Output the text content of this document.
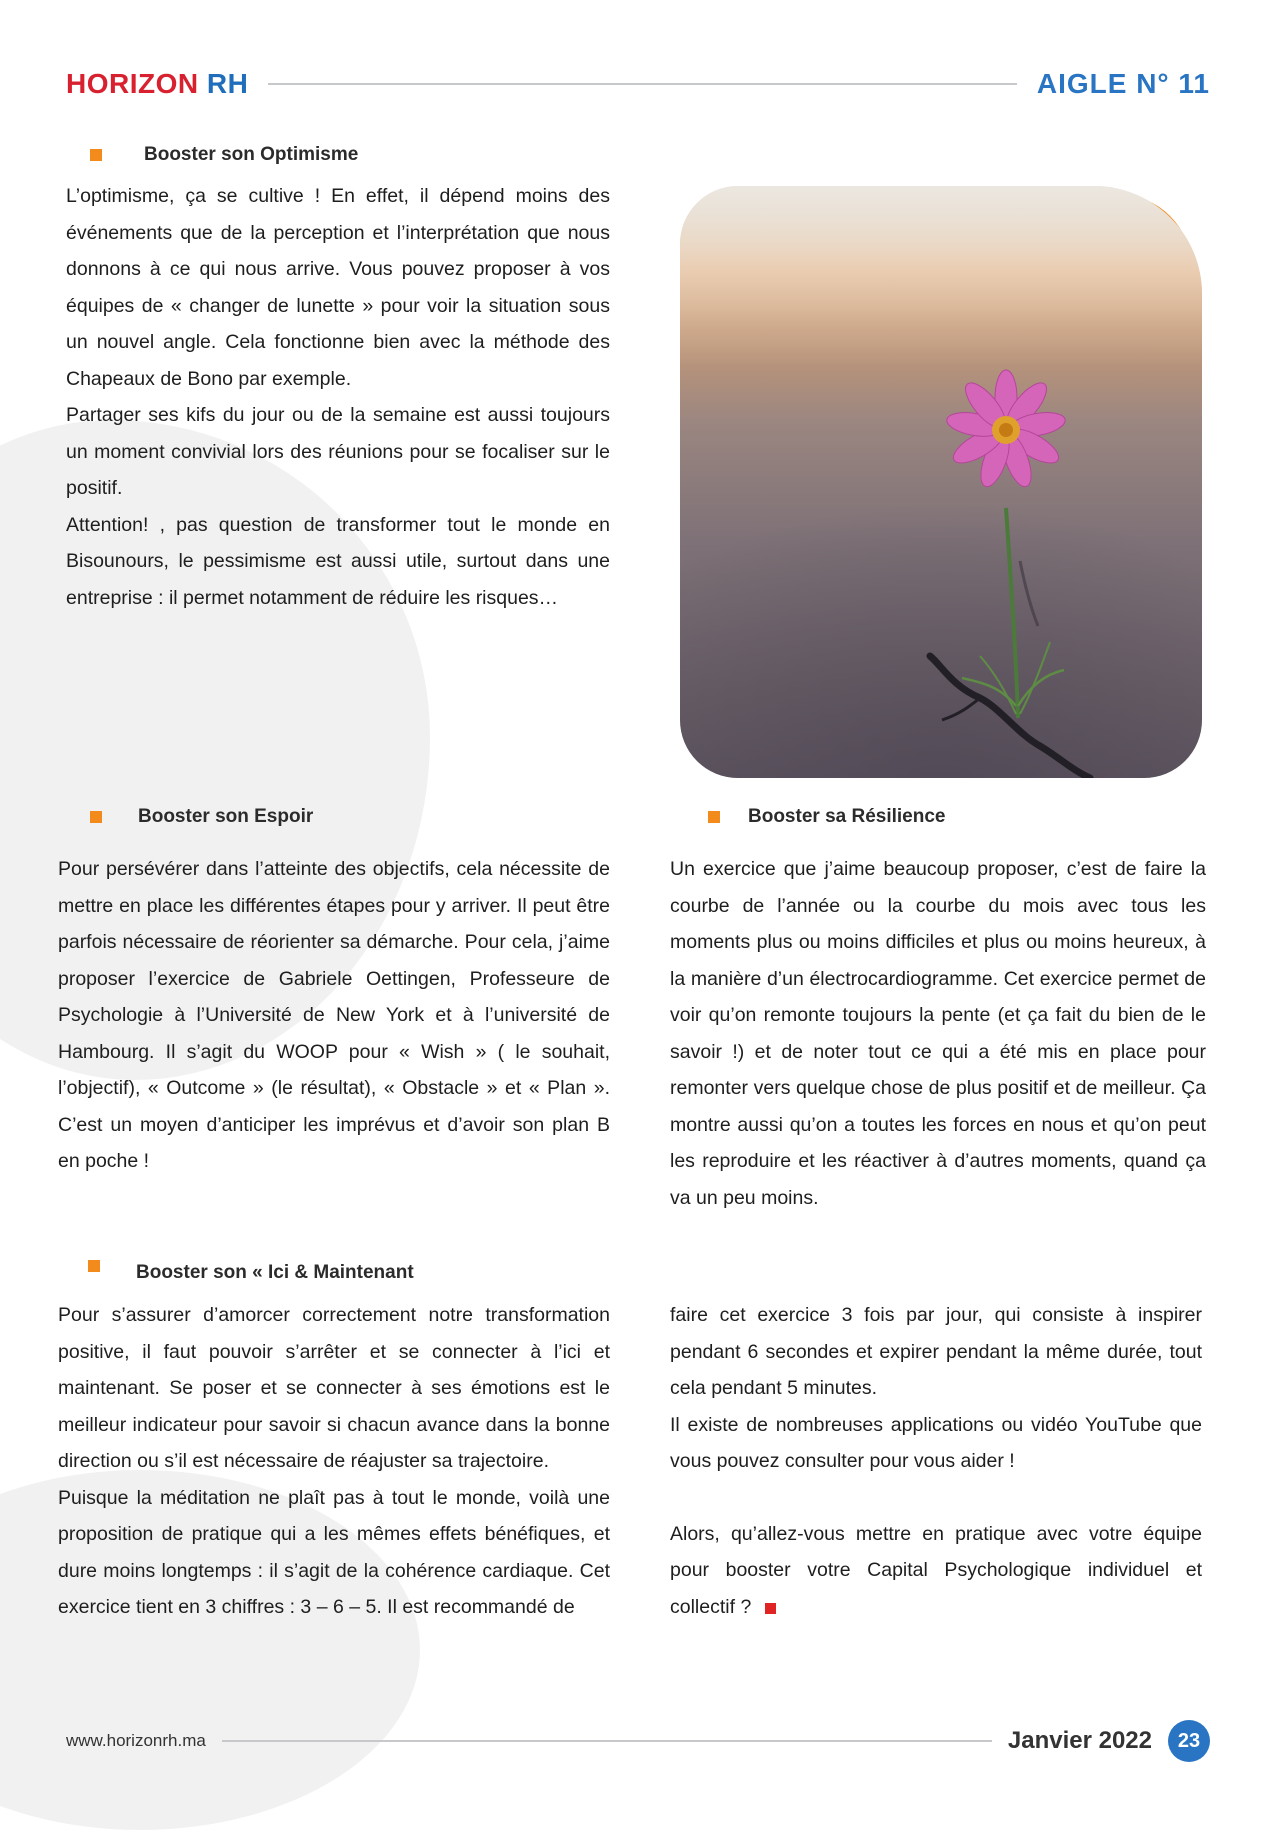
HORIZON RH	AIGLE N° 11
Booster son Optimisme

L’optimisme, ça se cultive ! En effet, il dépend moins des événements que de la perception et l’interprétation que nous donnons à ce qui nous arrive. Vous pouvez proposer à vos équipes de « changer de lunette » pour voir la situation sous un nouvel angle. Cela fonctionne bien avec la méthode des Chapeaux de Bono par exemple.

Partager ses kifs du jour ou de la semaine est aussi toujours un moment convivial lors des réunions pour se focaliser sur le positif.

Attention! , pas question de transformer tout le monde en Bisounours, le pessimisme est aussi utile, surtout dans une entreprise : il permet notamment de réduire les risques…

Booster son Espoir

Pour persévérer dans l’atteinte des objectifs, cela nécessite de mettre en place les différentes étapes pour y arriver. Il peut être parfois nécessaire de réorienter sa démarche. Pour cela, j’aime proposer l’exercice de Gabriele Oettingen, Professeure de Psychologie à l’Université de New York et à l’université de Hambourg. Il s’agit du WOOP pour « Wish » ( le souhait, l’objectif), « Outcome » (le résultat), « Obstacle » et « Plan ». C’est un moyen d’anticiper les imprévus et d’avoir son plan B en poche !

Booster sa Résilience

Un exercice que j’aime beaucoup proposer, c’est de faire la courbe de l’année ou la courbe du mois avec tous les moments plus ou moins difficiles et plus ou moins heureux, à la manière d’un électrocardiogramme. Cet exercice permet de voir qu’on remonte toujours la pente (et ça fait du bien de le savoir !) et de noter tout ce qui a été mis en place pour remonter vers quelque chose de plus positif et de meilleur. Ça montre aussi qu’on a toutes les forces en nous et qu’on peut les reproduire et les réactiver à d’autres moments, quand ça va un peu moins.

Booster son « Ici & Maintenant

Pour s’assurer d’amorcer correctement notre transformation positive, il faut pouvoir s’arrêter et se connecter à l’ici et maintenant. Se poser et se connecter à ses émotions est le meilleur indicateur pour savoir si chacun avance dans la bonne direction ou s’il est nécessaire de réajuster sa trajectoire.

Puisque la méditation ne plaît pas à tout le monde, voilà une proposition de pratique qui a les mêmes effets bénéfiques, et dure moins longtemps : il s’agit de la cohérence cardiaque. Cet exercice tient en 3 chiffres : 3 – 6 – 5. Il est recommandé de

faire cet exercice 3 fois par jour, qui consiste à inspirer pendant 6 secondes et expirer pendant la même durée, tout cela pendant 5 minutes.

Il existe de nombreuses applications ou vidéo YouTube que vous pouvez consulter pour vous aider !

Alors, qu’allez-vous mettre en pratique avec votre équipe pour booster votre Capital Psychologique individuel et collectif ?

www.horizonrh.ma	Janvier 2022	23
